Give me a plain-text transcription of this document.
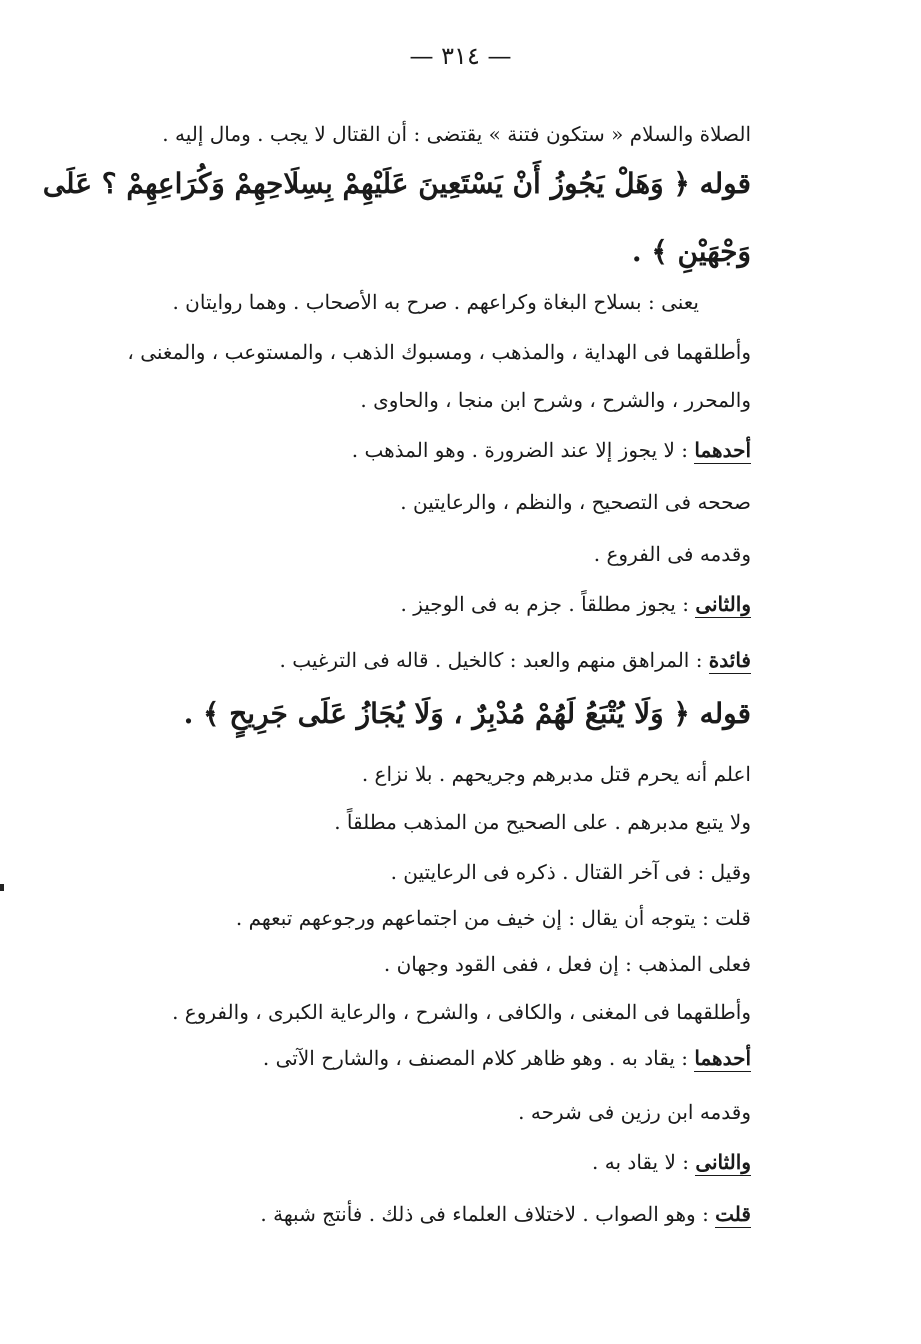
— ٣١٤ —
الصلاة والسلام « ستكون فتنة » يقتضى : أن القتال لا يجب . ومال إليه .
قوله ﴿ وَهَلْ يَجُوزُ أَنْ يَسْتَعِينَ عَلَيْهِمْ بِسِلَاحِهِمْ وَكُرَاعِهِمْ ؟ عَلَى
وَجْهَيْنِ ﴾ .
يعنى : بسلاح البغاة وكراعهم . صرح به الأصحاب . وهما روايتان .
وأطلقهما فى الهداية ، والمذهب ، ومسبوك الذهب ، والمستوعب ، والمغنى ،
والمحرر ، والشرح ، وشرح ابن منجا ، والحاوى .
أحدهما : لا يجوز إلا عند الضرورة . وهو المذهب .
صححه فى التصحيح ، والنظم ، والرعايتين .
وقدمه فى الفروع .
والثانى : يجوز مطلقاً . جزم به فى الوجيز .
فائدة : المراهق منهم والعبد : كالخيل . قاله فى الترغيب .
قوله ﴿ وَلَا يُتْبَعُ لَهُمْ مُدْبِرٌ ، وَلَا يُجَازُ عَلَى جَرِيحٍ ﴾ .
اعلم أنه يحرم قتل مدبرهم وجريحهم . بلا نزاع .
ولا يتبع مدبرهم . على الصحيح من المذهب مطلقاً .
وقيل : فى آخر القتال . ذكره فى الرعايتين .
قلت : يتوجه أن يقال : إن خيف من اجتماعهم ورجوعهم تبعهم .
فعلى المذهب : إن فعل ، ففى القود وجهان .
وأطلقهما فى المغنى ، والكافى ، والشرح ، والرعاية الكبرى ، والفروع .
أحدهما : يقاد به . وهو ظاهر كلام المصنف ، والشارح الآتى .
وقدمه ابن رزين فى شرحه .
والثانى : لا يقاد به .
قلت : وهو الصواب . لاختلاف العلماء فى ذلك . فأنتج شبهة .
